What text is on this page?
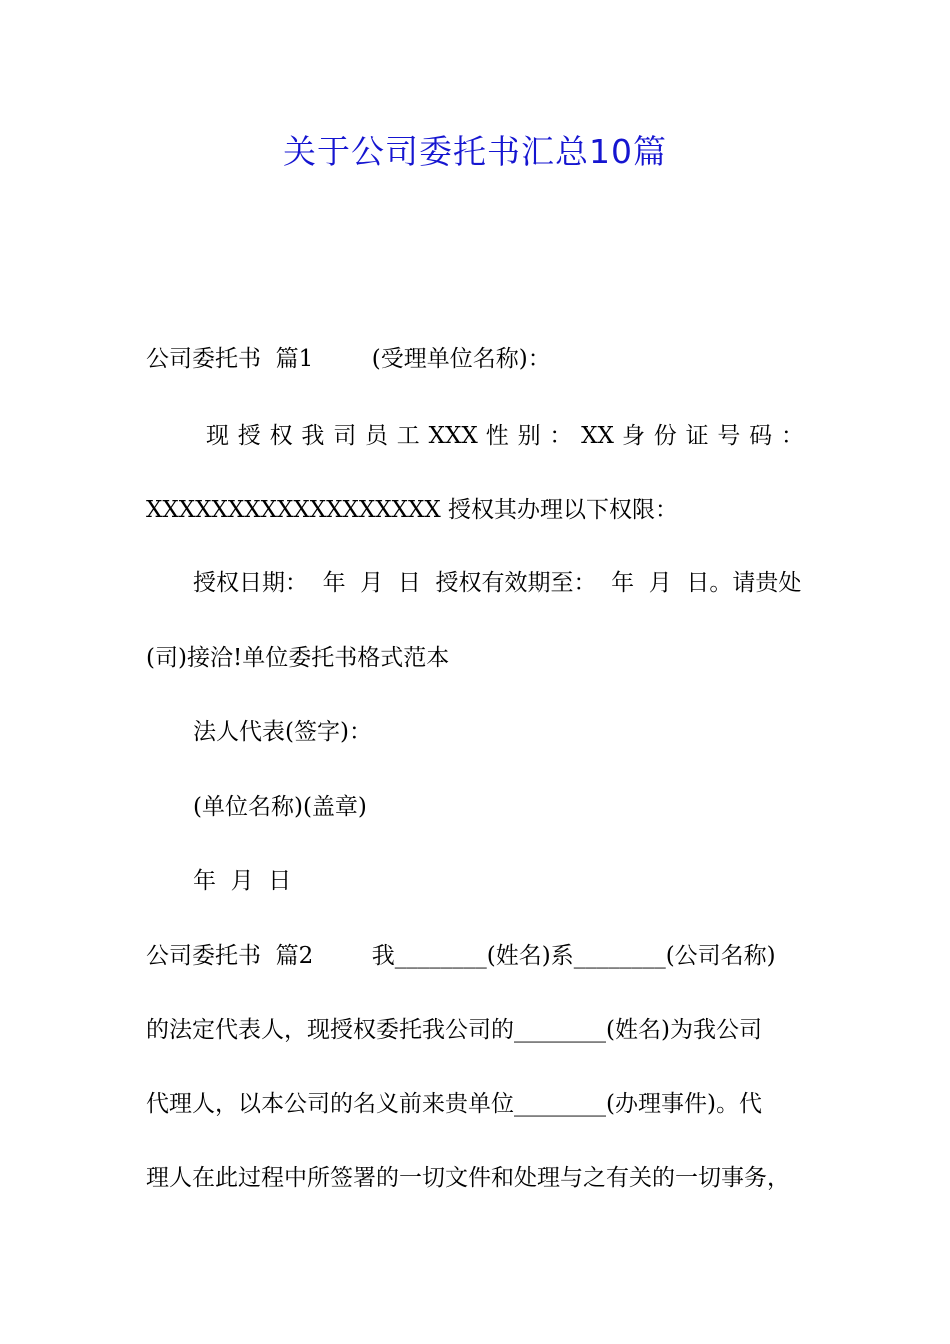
关于公司委托书汇总10篇
公司委托书  篇1        (受理单位名称)：
现 授 权 我 司 员 工 XXX 性 别 ： XX 身 份 证 号 码 ：
XXXXXXXXXXXXXXXXXX 授权其办理以下权限：
授权日期：  年  月  日  授权有效期至：  年  月  日。请贵处
(司)接洽!单位委托书格式范本
法人代表(签字)：
(单位名称)(盖章)
年  月  日
公司委托书  篇2        我________(姓名)系________(公司名称)
的法定代表人，现授权委托我公司的________(姓名)为我公司
代理人，以本公司的名义前来贵单位________(办理事件)。代
理人在此过程中所签署的一切文件和处理与之有关的一切事务，
